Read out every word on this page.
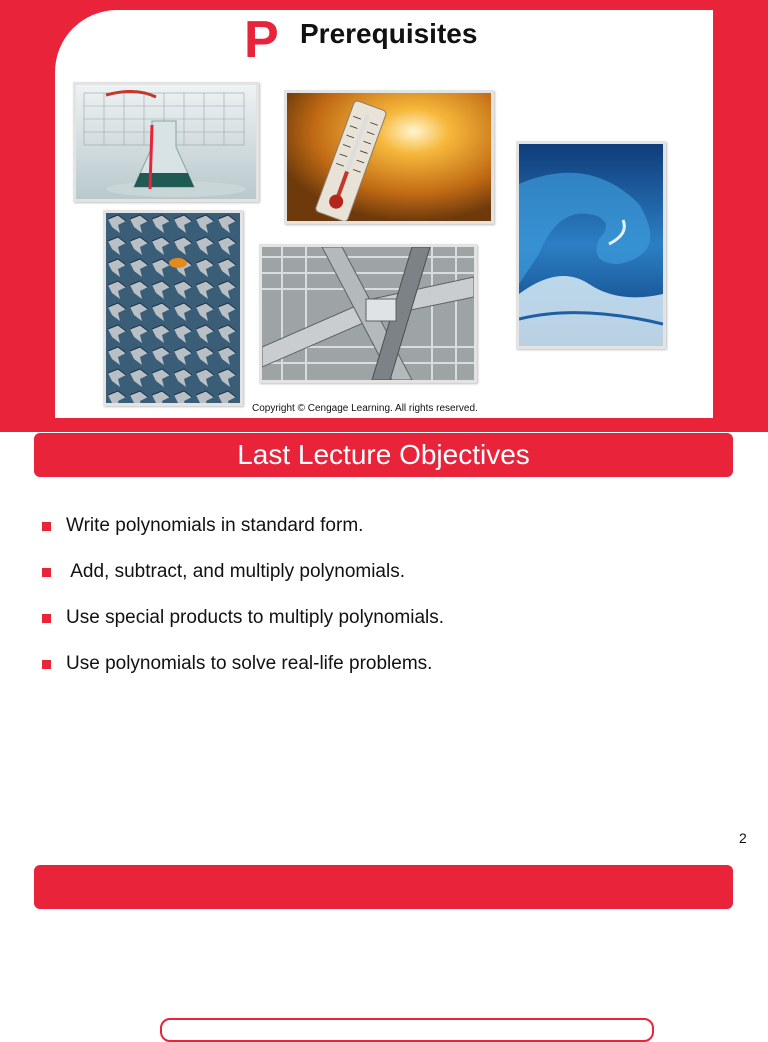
P Prerequisites
Copyright © Cengage Learning. All rights reserved.
Last Lecture Objectives
Write polynomials in standard form.
Add, subtract, and multiply polynomials.
Use special products to multiply polynomials.
Use polynomials to solve real-life problems.
2
